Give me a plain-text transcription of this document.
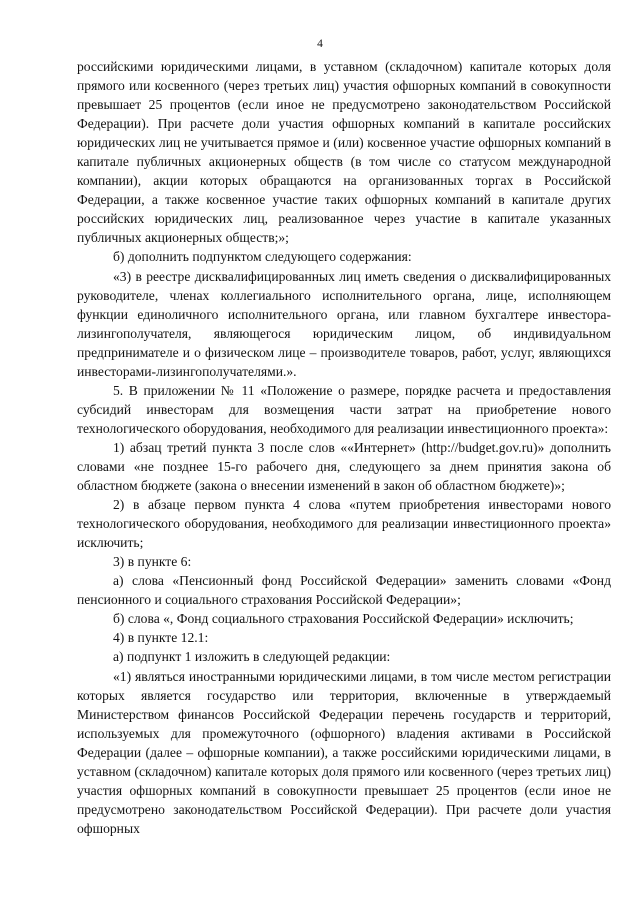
4

российскими юридическими лицами, в уставном (складочном) капитале которых доля прямого или косвенного (через третьих лиц) участия офшорных компаний в совокупности превышает 25 процентов (если иное не предусмотрено законодательством Российской Федерации). При расчете доли участия офшорных компаний в капитале российских юридических лиц не учитывается прямое и (или) косвенное участие офшорных компаний в капитале публичных акционерных обществ (в том числе со статусом международной компании), акции которых обращаются на организованных торгах в Российской Федерации, а также косвенное участие таких офшорных компаний в капитале других российских юридических лиц, реализованное через участие в капитале указанных публичных акционерных обществ;»;

б) дополнить подпунктом следующего содержания:

«3) в реестре дисквалифицированных лиц иметь сведения о дисквалифицированных руководителе, членах коллегиального исполнительного органа, лице, исполняющем функции единоличного исполнительного органа, или главном бухгалтере инвестора-лизингополучателя, являющегося юридическим лицом, об индивидуальном предпринимателе и о физическом лице – производителе товаров, работ, услуг, являющихся инвесторами-лизингополучателями.».

5. В приложении № 11 «Положение о размере, порядке расчета и предоставления субсидий инвесторам для возмещения части затрат на приобретение нового технологического оборудования, необходимого для реализации инвестиционного проекта»:

1) абзац третий пункта 3 после слов ««Интернет» (http://budget.gov.ru)» дополнить словами «не позднее 15-го рабочего дня, следующего за днем принятия закона об областном бюджете (закона о внесении изменений в закон об областном бюджете)»;

2) в абзаце первом пункта 4 слова «путем приобретения инвесторами нового технологического оборудования, необходимого для реализации инвестиционного проекта» исключить;

3) в пункте 6:

а) слова «Пенсионный фонд Российской Федерации» заменить словами «Фонд пенсионного и социального страхования Российской Федерации»;

б) слова «, Фонд социального страхования Российской Федерации» исключить;

4) в пункте 12.1:

а) подпункт 1 изложить в следующей редакции:

«1) являться иностранными юридическими лицами, в том числе местом регистрации которых является государство или территория, включенные в утверждаемый Министерством финансов Российской Федерации перечень государств и территорий, используемых для промежуточного (офшорного) владения активами в Российской Федерации (далее – офшорные компании), а также российскими юридическими лицами, в уставном (складочном) капитале которых доля прямого или косвенного (через третьих лиц) участия офшорных компаний в совокупности превышает 25 процентов (если иное не предусмотрено законодательством Российской Федерации). При расчете доли участия офшорных
